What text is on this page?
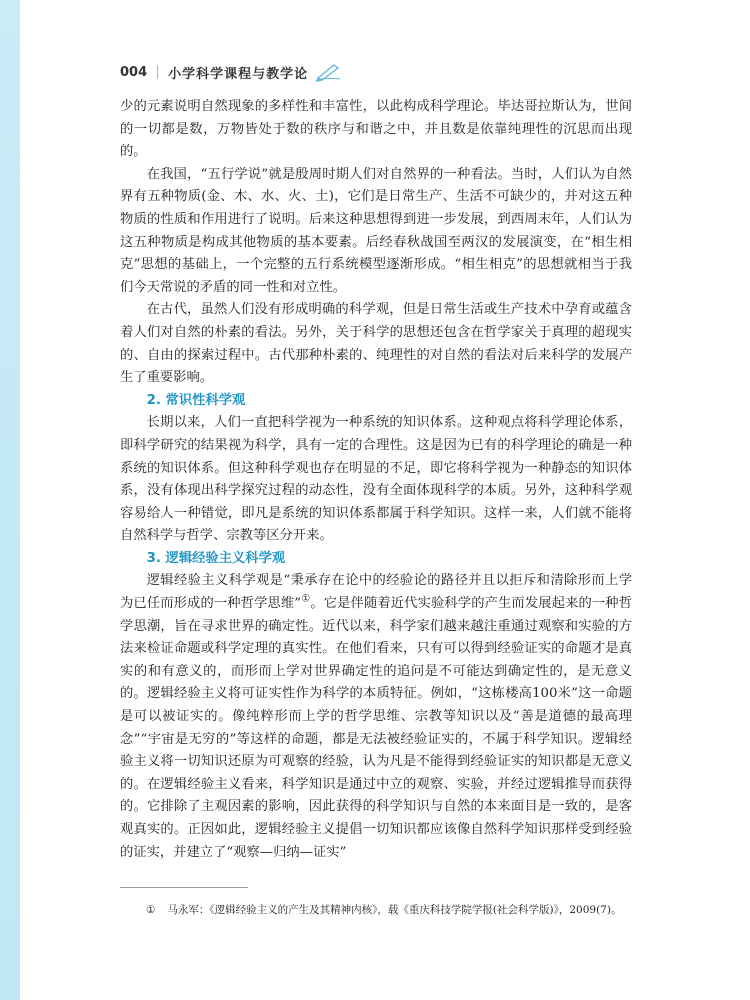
004 小学科学课程与教学论

少的元素说明自然现象的多样性和丰富性，以此构成科学理论。毕达哥拉斯认为，世间的一切都是数，万物皆处于数的秩序与和谐之中，并且数是依靠纯理性的沉思而出现的。

在我国，“五行学说”就是殷周时期人们对自然界的一种看法。当时，人们认为自然界有五种物质(金、木、水、火、土)，它们是日常生产、生活不可缺少的，并对这五种物质的性质和作用进行了说明。后来这种思想得到进一步发展，到西周末年，人们认为这五种物质是构成其他物质的基本要素。后经春秋战国至两汉的发展演变，在“相生相克”思想的基础上，一个完整的五行系统模型逐渐形成。“相生相克”的思想就相当于我们今天常说的矛盾的同一性和对立性。

在古代，虽然人们没有形成明确的科学观，但是日常生活或生产技术中孕育或蕴含着人们对自然的朴素的看法。另外，关于科学的思想还包含在哲学家关于真理的超现实的、自由的探索过程中。古代那种朴素的、纯理性的对自然的看法对后来科学的发展产生了重要影响。

2. 常识性科学观

长期以来，人们一直把科学视为一种系统的知识体系。这种观点将科学理论体系，即科学研究的结果视为科学，具有一定的合理性。这是因为已有的科学理论的确是一种系统的知识体系。但这种科学观也存在明显的不足，即它将科学视为一种静态的知识体系，没有体现出科学探究过程的动态性，没有全面体现科学的本质。另外，这种科学观容易给人一种错觉，即凡是系统的知识体系都属于科学知识。这样一来，人们就不能将自然科学与哲学、宗教等区分开来。

3. 逻辑经验主义科学观

逻辑经验主义科学观是“秉承存在论中的经验论的路径并且以拒斥和清除形而上学为已任而形成的一种哲学思维”①。它是伴随着近代实验科学的产生而发展起来的一种哲学思潮，旨在寻求世界的确定性。近代以来，科学家们越来越注重通过观察和实验的方法来检证命题或科学定理的真实性。在他们看来，只有可以得到经验证实的命题才是真实的和有意义的，而形而上学对世界确定性的追问是不可能达到确定性的，是无意义的。逻辑经验主义将可证实性作为科学的本质特征。例如，“这栋楼高100米”这一命题是可以被证实的。像纯粹形而上学的哲学思维、宗教等知识以及“善是道德的最高理念”“宇宙是无穷的”等这样的命题，都是无法被经验证实的，不属于科学知识。逻辑经验主义将一切知识还原为可观察的经验，认为凡是不能得到经验证实的知识都是无意义的。在逻辑经验主义看来，科学知识是通过中立的观察、实验，并经过逻辑推导而获得的。它排除了主观因素的影响，因此获得的科学知识与自然的本来面目是一致的，是客观真实的。正因如此，逻辑经验主义提倡一切知识都应该像自然科学知识那样受到经验的证实，并建立了“观察—归纳—证实”

① 马永军：《逻辑经验主义的产生及其精神内核》，载《重庆科技学院学报(社会科学版)》，2009(7)。
